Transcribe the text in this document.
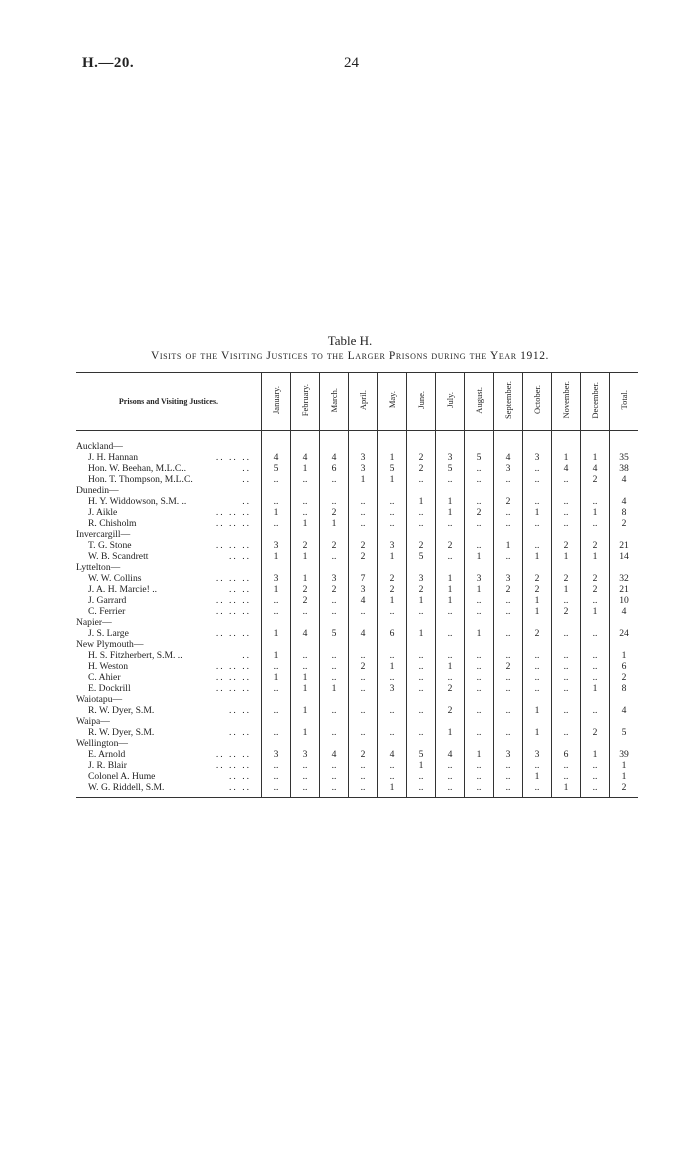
H.—20.	24
Table H.
Visits of the Visiting Justices to the Larger Prisons during the Year 1912.
Prisons and Visiting Justices.		January.	February.	March.	April.	May.	June.	July.	August.	September.	October.	November.	December.	Total.

Auckland—														
J. H. Hannan	.. .. ..	4	4	4	3	1	2	3	5	4	3	1	1	35
Hon. W. Beehan, M.L.C..	..	5	1	6	3	5	2	5	..	3	..	4	4	38
Hon. T. Thompson, M.L.C.	..	..	..	..	1	1	..	..	..	..	..	..	2	4
Dunedin—														
H. Y. Widdowson, S.M. ..	..	..	..	..	..	..	1	1	..	2	..	..	..	4
J. Aikle	.. .. ..	1	..	2	..	..	..	1	2	..	1	..	1	8
R. Chisholm	.. .. ..	..	1	1	..	..	..	..	..	..	..	..	..	2
Invercargill—														
T. G. Stone	.. .. ..	3	2	2	2	3	2	2	..	1	..	2	2	21
W. B. Scandrett	.. ..	1	1	..	2	1	5	..	1	..	1	1	1	14
Lyttelton—														
W. W. Collins	.. .. ..	3	1	3	7	2	3	1	3	3	2	2	2	32
J. A. H. Marcie! ..	.. ..	1	2	2	3	2	2	1	1	2	2	1	2	21
J. Garrard	.. .. ..	..	2	..	4	1	1	1	..	..	1	..	..	10
C. Ferrier	.. .. ..	..	..	..	..	..	..	..	..	..	1	2	1	4
Napier—														
J. S. Large	.. .. ..	1	4	5	4	6	1	..	1	..	2	..	..	24
New Plymouth—														
H. S. Fitzherbert, S.M. ..	..	1	..	..	..	..	..	..	..	..	..	..	..	1
H. Weston	.. .. ..	..	..	..	2	1	..	1	..	2	..	..	..	6
C. Ahier	.. .. ..	1	1	..	..	..	..	..	..	..	..	..	..	2
E. Dockrill	.. .. ..	..	1	1	..	3	..	2	..	..	..	..	1	8
Waiotapu—														
R. W. Dyer, S.M.	.. ..	..	1	..	..	..	..	2	..	..	1	..	..	4
Waipa—														
R. W. Dyer, S.M.	.. ..	..	1	..	..	..	..	1	..	..	1	..	2	5
Wellington—														
E. Arnold	.. .. ..	3	3	4	2	4	5	4	1	3	3	6	1	39
J. R. Blair	.. .. ..	..	..	..	..	..	1	..	..	..	..	..	..	1
Colonel A. Hume	.. ..	..	..	..	..	..	..	..	..	..	1	..	..	1
W. G. Riddell, S.M.	.. ..	..	..	..	..	1	..	..	..	..	..	1	..	2
